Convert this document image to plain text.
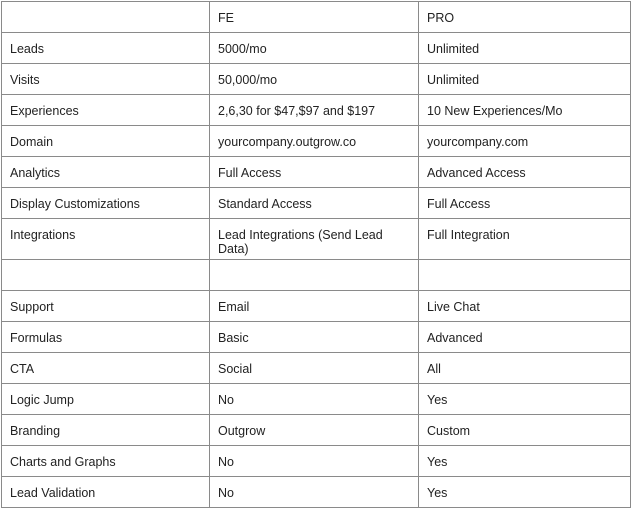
	FE	PRO
Leads	5000/mo	Unlimited
Visits	50,000/mo	Unlimited
Experiences	2,6,30 for $47,$97 and $197	10 New Experiences/Mo
Domain	yourcompany.outgrow.co	yourcompany.com
Analytics	Full Access	Advanced Access
Display Customizations	Standard Access	Full Access
Integrations	Lead Integrations (Send Lead Data)	Full Integration

Support	Email	Live Chat
Formulas	Basic	Advanced
CTA	Social	All
Logic Jump	No	Yes
Branding	Outgrow	Custom
Charts and Graphs	No	Yes
Lead Validation	No	Yes
